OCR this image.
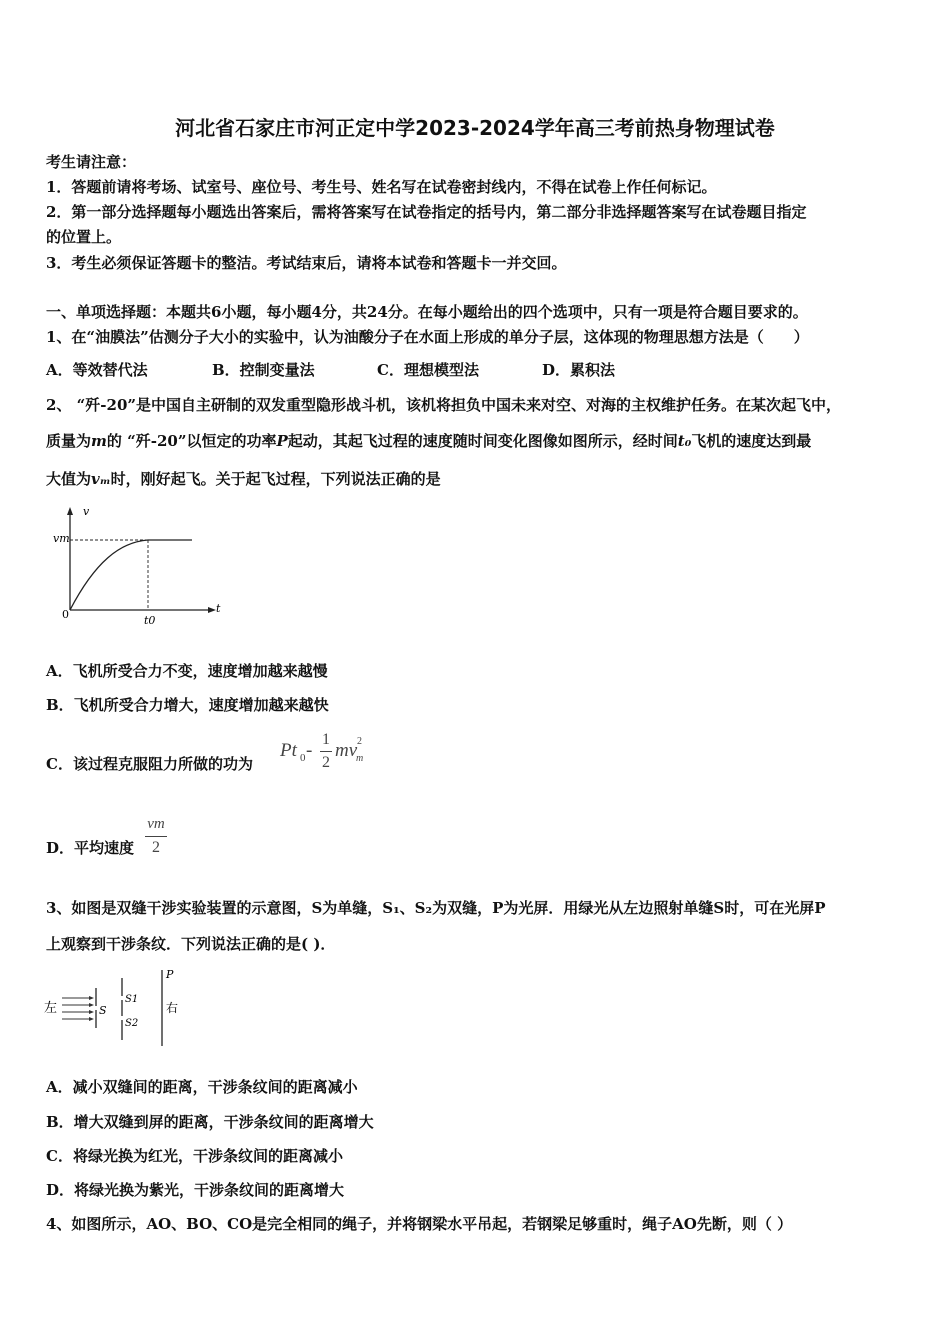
河北省石家庄市河正定中学2023-2024学年高三考前热身物理试卷
考生请注意：
1．答题前请将考场、试室号、座位号、考生号、姓名写在试卷密封线内，不得在试卷上作任何标记。
2．第一部分选择题每小题选出答案后，需将答案写在试卷指定的括号内，第二部分非选择题答案写在试卷题目指定
的位置上。
3．考生必须保证答题卡的整洁。考试结束后，请将本试卷和答题卡一并交回。
一、单项选择题：本题共6小题，每小题4分，共24分。在每小题给出的四个选项中，只有一项是符合题目要求的。
1、在“油膜法”估测分子大小的实验中，认为油酸分子在水面上形成的单分子层，这体现的物理思想方法是（　　）
A．等效替代法	B．控制变量法	C．理想模型法	D．累积法
2、 “歼-20”是中国自主研制的双发重型隐形战斗机，该机将担负中国未来对空、对海的主权维护任务。在某次起飞中，
质量为m的 “歼-20”以恒定的功率P起动，其起飞过程的速度随时间变化图像如图所示，经时间t₀飞机的速度达到最
大值为vₘ时，刚好起飞。关于起飞过程，下列说法正确的是
v
t
0
vm
t0
A．飞机所受合力不变，速度增加越来越慢
B．飞机所受合力增大，速度增加越来越快
C．该过程克服阻力所做的功为
Pt 0 -
1
2
mv 2
m
D．平均速度
vm
2
3、如图是双缝干涉实验装置的示意图，S为单缝，S₁、S₂为双缝，P为光屏．用绿光从左边照射单缝S时，可在光屏P
上观察到干涉条纹．下列说法正确的是( )．
左	S
S1
S2
P
右
A．减小双缝间的距离，干涉条纹间的距离减小
B．增大双缝到屏的距离，干涉条纹间的距离增大
C．将绿光换为红光，干涉条纹间的距离减小
D．将绿光换为紫光，干涉条纹间的距离增大
4、如图所示，AO、BO、CO是完全相同的绳子，并将钢梁水平吊起，若钢梁足够重时，绳子AO先断，则（ ）
